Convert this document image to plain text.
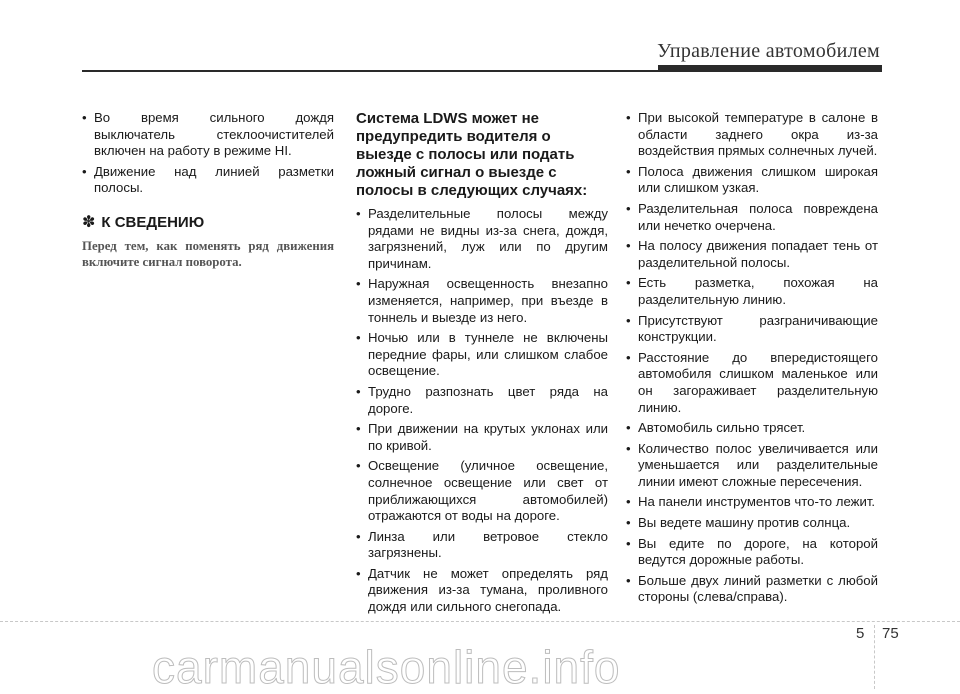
Управление автомобилем
• Во время сильного дождя выключатель стеклоочистителей включен на работу в режиме HI.
• Движение над линией разметки полосы.
✽ К СВЕДЕНИЮ
Перед тем, как поменять ряд движения включите сигнал поворота.
Система LDWS может не предупредить водителя о выезде с полосы или подать ложный сигнал о выезде с полосы в следующих случаях:
• Разделительные полосы между рядами не видны из-за снега, дождя, загрязнений, луж или по другим причинам.
• Наружная освещенность внезапно изменяется, например, при въезде в тоннель и выезде из него.
• Ночью или в туннеле не включены передние фары, или слишком слабое освещение.
• Трудно разпознать цвет ряда на дороге.
• При движении на крутых уклонах или по кривой.
• Освещение (уличное освещение, солнечное освещение или свет от приближающихся автомобилей) отражаются от воды на дороге.
• Линза или ветровое стекло загрязнены.
• Датчик не может определять ряд движения из-за тумана, проливного дождя или сильного снегопада.
• При высокой температуре в салоне в области заднего окра из-за воздействия прямых солнечных лучей.
• Полоса движения слишком широкая или слишком узкая.
• Разделительная полоса повреждена или нечетко очерчена.
• На полосу движения попадает тень от разделительной полосы.
• Есть разметка, похожая на разделительную линию.
• Присутствуют разграничивающие конструкции.
• Расстояние до впередистоящего автомобиля слишком маленькое или он загораживает разделительную линию.
• Автомобиль сильно трясет.
• Количество полос увеличивается или уменьшается или разделительные линии имеют сложные пересечения.
• На панели инструментов что-то лежит.
• Вы ведете машину против солнца.
• Вы едите по дороге, на которой ведутся дорожные работы.
• Больше двух линий разметки с любой стороны (слева/справа).
5 75
carmanualsonline.info
